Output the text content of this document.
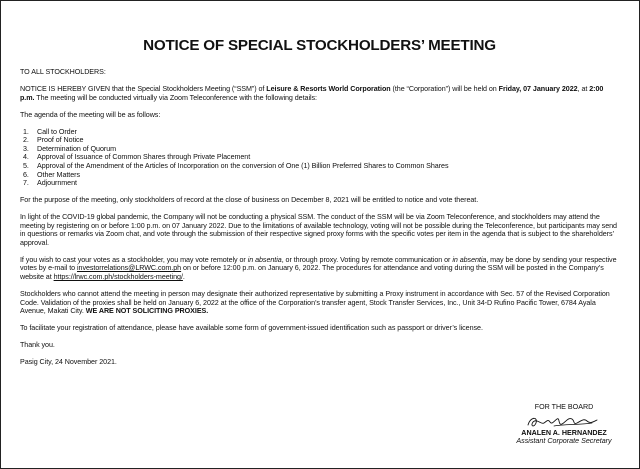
NOTICE OF SPECIAL STOCKHOLDERS’ MEETING

TO ALL STOCKHOLDERS:

NOTICE IS HEREBY GIVEN that the Special Stockholders Meeting (“SSM”) of Leisure & Resorts World Corporation (the “Corporation”) will be held on Friday, 07 January 2022, at 2:00 p.m. The meeting will be conducted virtually via Zoom Teleconference with the following details:

The agenda of the meeting will be as follows:

1.	Call to Order
2.	Proof of Notice
3.	Determination of Quorum
4.	Approval of Issuance of Common Shares through Private Placement
5.	Approval of the Amendment of the Articles of Incorporation on the conversion of One (1) Billion Preferred Shares to Common Shares
6.	Other Matters
7.	Adjournment

For the purpose of the meeting, only stockholders of record at the close of business on December 8, 2021 will be entitled to notice and vote thereat.

In light of the COVID-19 global pandemic, the Company will not be conducting a physical SSM. The conduct of the SSM will be via Zoom Teleconference, and stockholders may attend the meeting by registering on or before 1:00 p.m. on 07 January 2022. Due to the limitations of available technology, voting will not be possible during the Teleconference, but participants may send in questions or remarks via Zoom chat, and vote through the submission of their respective signed proxy forms with the specific votes per item in the agenda that is subject to the shareholders’ approval.

If you wish to cast your votes as a stockholder, you may vote remotely or in absentia, or through proxy. Voting by remote communication or in absentia, may be done by sending your respective votes by e-mail to investorrelations@LRWC.com.ph on or before 12:00 p.m. on January 6, 2022. The procedures for attendance and voting during the SSM will be posted in the Company’s website at https://lrwc.com.ph/stockholders-meeting/.

Stockholders who cannot attend the meeting in person may designate their authorized representative by submitting a Proxy instrument in accordance with Sec. 57 of the Revised Corporation Code. Validation of the proxies shall be held on January 6, 2022 at the office of the Corporation’s transfer agent, Stock Transfer Services, Inc., Unit 34-D Rufino Pacific Tower, 6784 Ayala Avenue, Makati City. WE ARE NOT SOLICITING PROXIES.

To facilitate your registration of attendance, please have available some form of government-issued identification such as passport or driver’s license.

Thank you.

Pasig City, 24 November 2021.

FOR THE BOARD
ANALEN A. HERNANDEZ
Assistant Corporate Secretary
